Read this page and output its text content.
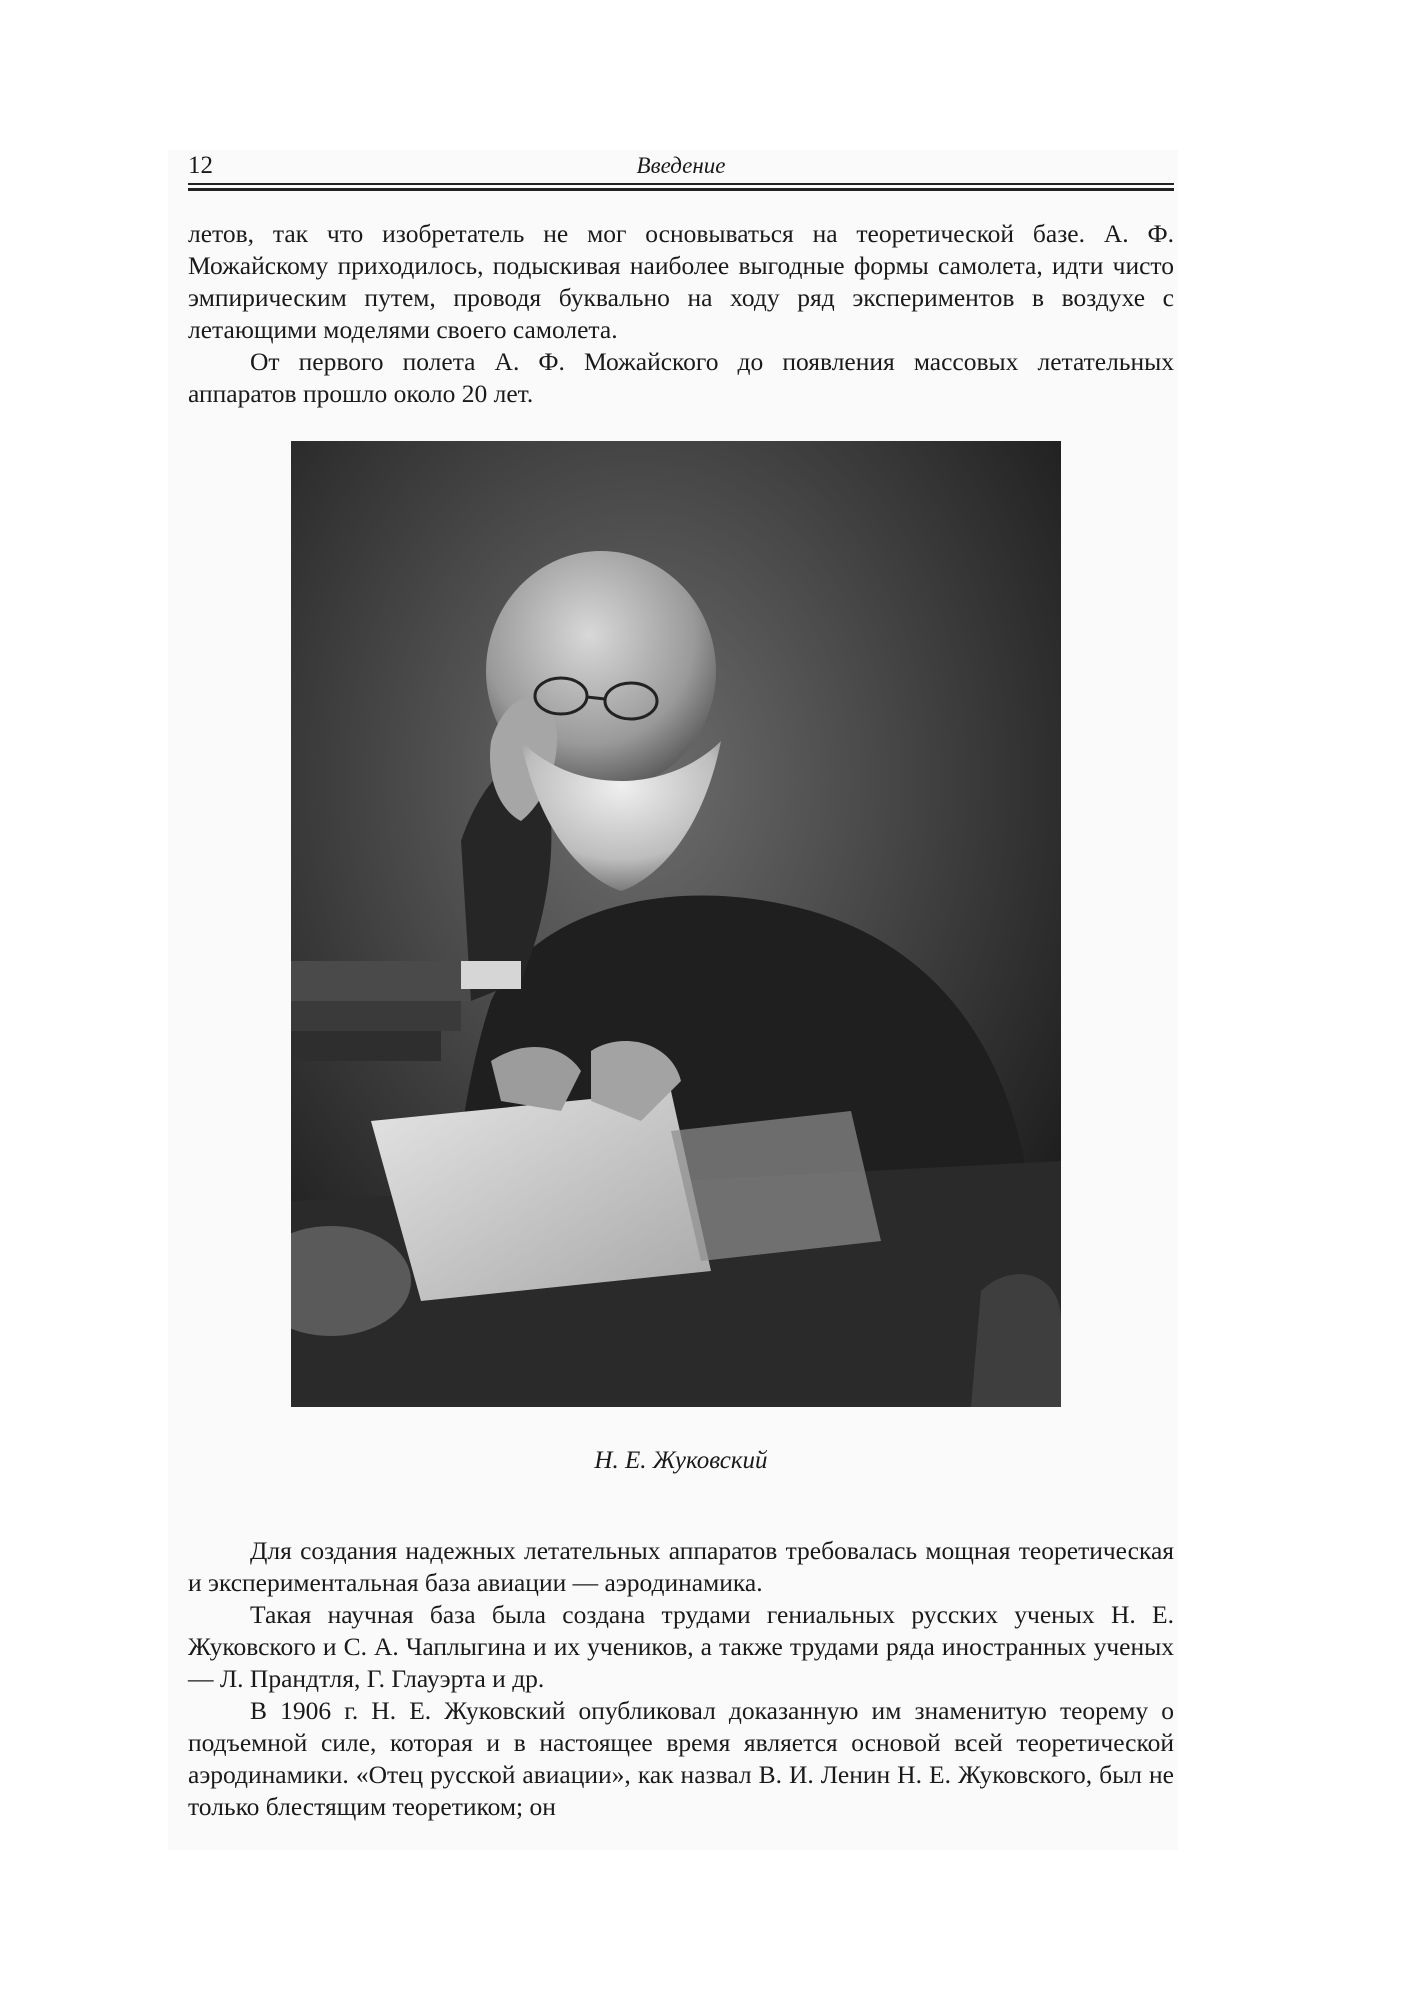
12	Введение

летов, так что изобретатель не мог основываться на теоретической базе. А. Ф. Можайскому приходилось, подыскивая наиболее выгодные формы самолета, идти чисто эмпирическим путем, проводя буквально на ходу ряд экспериментов в воздухе с летающими моделями своего самолета.

От первого полета А. Ф. Можайского до появления массовых летательных аппаратов прошло около 20 лет.

Н. Е. Жуковский

Для создания надежных летательных аппаратов требовалась мощная теоретическая и экспериментальная база авиации — аэродинамика.

Такая научная база была создана трудами гениальных русских ученых Н. Е. Жуковского и С. А. Чаплыгина и их учеников, а также трудами ряда иностранных ученых — Л. Прандтля, Г. Глауэрта и др.

В 1906 г. Н. Е. Жуковский опубликовал доказанную им знаменитую теорему о подъемной силе, которая и в настоящее время является основой всей теоретической аэродинамики. «Отец русской авиации», как назвал В. И. Ленин Н. Е. Жуковского, был не только блестящим теоретиком; он
